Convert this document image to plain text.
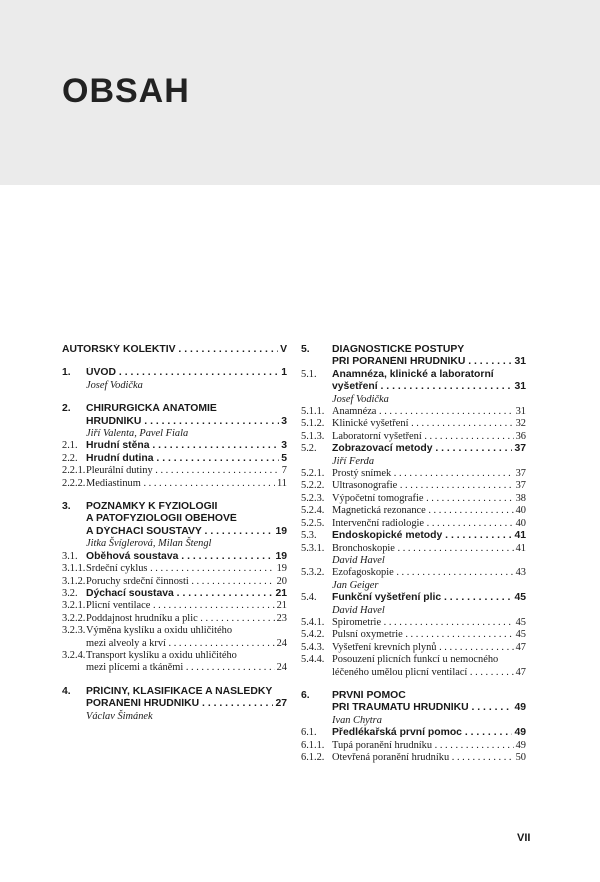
OBSAH
AUTORSKÝ KOLEKTIV . . .	V
1.	ÚVOD . . .	1
Josef Vodička
2.	CHIRURGICKÁ ANATOMIE
HRUDNÍKU . . .	3
Jiří Valenta, Pavel Fiala
2.1. Hrudní stěna . . .	3
2.2. Hrudní dutina . . .	5
2.2.1. Pleurální dutiny . . .	7
2.2.2. Mediastinum . . .	11
3.	POZNÁMKY K FYZIOLOGII
A PATOFYZIOLOGII OBĚHOVÉ
A DÝCHACÍ SOUSTAVY . . .	19
Jitka Švíglerová, Milan Štengl
3.1. Oběhová soustava . . .	19
3.1.1. Srdeční cyklus . . .	19
3.1.2. Poruchy srdeční činnosti . . .	20
3.2. Dýchací soustava . . .	21
3.2.1. Plicní ventilace . . .	21
3.2.2. Poddajnost hrudníku a plic . . .	23
3.2.3. Výměna kyslíku a oxidu uhličitého
mezi alveoly a krví . . .	24
3.2.4. Transport kyslíku a oxidu uhličitého
mezi plícemi a tkáněmi . . .	24
4.	PŘÍČINY, KLASIFIKACE A NÁSLEDKY
PORANĚNÍ HRUDNÍKU . . .	27
Václav Šimánek
5.	DIAGNOSTICKÉ POSTUPY
PŘI PORANĚNÍ HRUDNÍKU . . .	31
5.1.	Anamnéza, klinické a laboratorní
vyšetření . . .	31
Josef Vodička
5.1.1. Anamnéza . . .	31
5.1.2. Klinické vyšetření . . .	32
5.1.3. Laboratorní vyšetření . . .	36
5.2.	Zobrazovací metody . . .	37
Jiří Ferda
5.2.1. Prostý snímek . . .	37
5.2.2. Ultrasonografie . . .	37
5.2.3. Výpočetní tomografie . . .	38
5.2.4. Magnetická rezonance . . .	40
5.2.5. Intervenční radiologie . . .	40
5.3.	Endoskopické metody . . .	41
5.3.1. Bronchoskopie . . .	41
David Havel
5.3.2. Ezofagoskopie . . .	43
Jan Geiger
5.4.	Funkční vyšetření plic . . .	45
David Havel
5.4.1. Spirometrie . . .	45
5.4.2. Pulsní oxymetrie . . .	45
5.4.3. Vyšetření krevních plynů . . .	47
5.4.4. Posouzení plicních funkcí u nemocného
léčeného umělou plicní ventilací . . .	47
6.	PRVNÍ POMOC
PŘI TRAUMATU HRUDNÍKU . . .	49
Ivan Chytra
6.1.	Předlékařská první pomoc . . .	49
6.1.1. Tupá poranění hrudníku . . .	49
6.1.2. Otevřená poranění hrudníku . . .	50
VII
